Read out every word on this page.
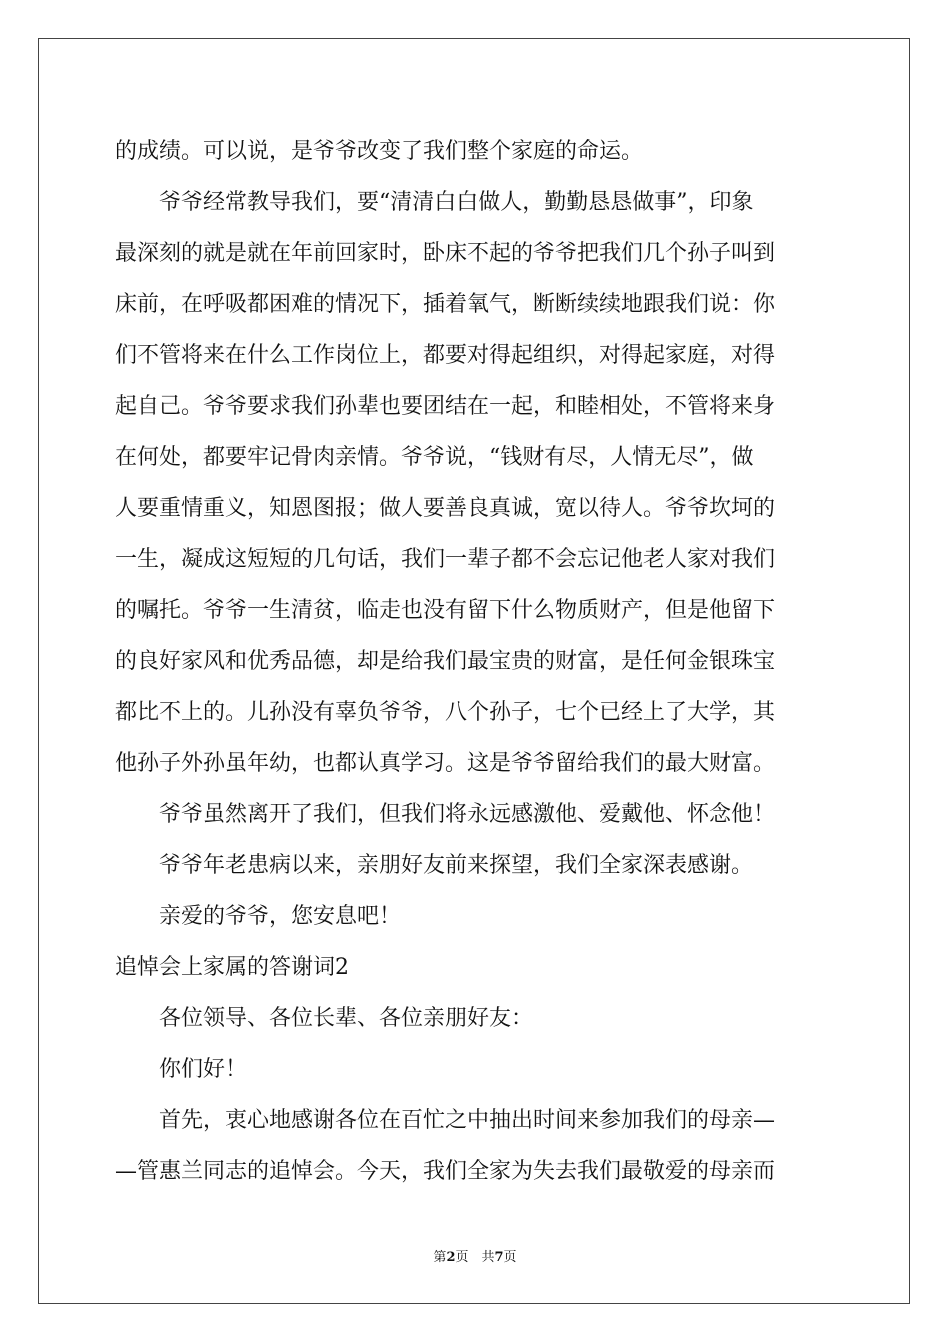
的成绩。可以说，是爷爷改变了我们整个家庭的命运。

爷爷经常教导我们，要“清清白白做人，勤勤恳恳做事”，印象
最深刻的就是就在年前回家时，卧床不起的爷爷把我们几个孙子叫到
床前，在呼吸都困难的情况下，插着氧气，断断续续地跟我们说：你
们不管将来在什么工作岗位上，都要对得起组织，对得起家庭，对得
起自己。爷爷要求我们孙辈也要团结在一起，和睦相处，不管将来身
在何处，都要牢记骨肉亲情。爷爷说，“钱财有尽，人情无尽”，做
人要重情重义，知恩图报；做人要善良真诚，宽以待人。爷爷坎坷的
一生，凝成这短短的几句话，我们一辈子都不会忘记他老人家对我们
的嘱托。爷爷一生清贫，临走也没有留下什么物质财产，但是他留下
的良好家风和优秀品德，却是给我们最宝贵的财富，是任何金银珠宝
都比不上的。儿孙没有辜负爷爷，八个孙子，七个已经上了大学，其
他孙子外孙虽年幼，也都认真学习。这是爷爷留给我们的最大财富。

爷爷虽然离开了我们，但我们将永远感激他、爱戴他、怀念他！

爷爷年老患病以来，亲朋好友前来探望，我们全家深表感谢。

亲爱的爷爷，您安息吧！

追悼会上家属的答谢词2

各位领导、各位长辈、各位亲朋好友：

你们好！

首先，衷心地感谢各位在百忙之中抽出时间来参加我们的母亲—
—管惠兰同志的追悼会。今天，我们全家为失去我们最敬爱的母亲而

第2页　共7页
